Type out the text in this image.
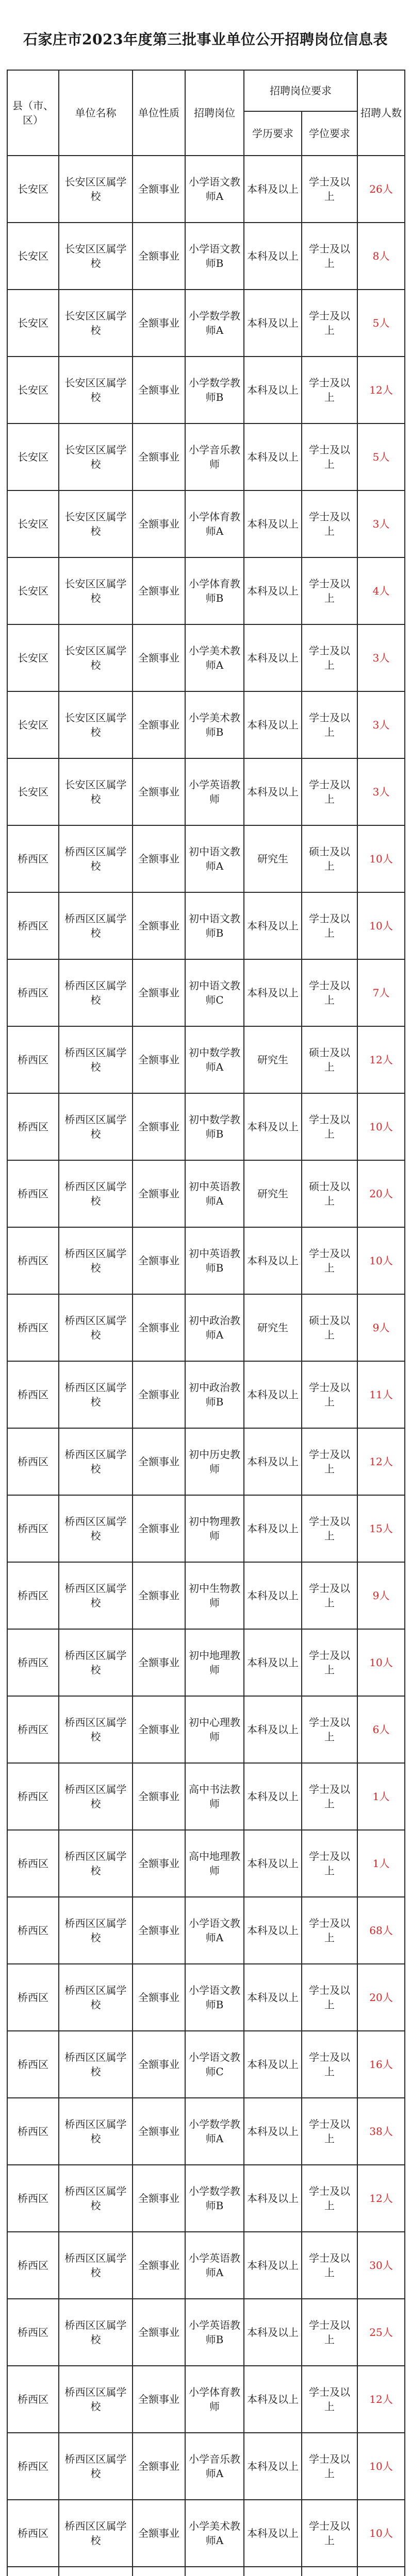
石家庄市2023年度第三批事业单位公开招聘岗位信息表
县（市、区）	单位名称	单位性质	招聘岗位	招聘岗位要求		招聘人数
				学历要求	学位要求	
长安区	长安区区属学校	全额事业	小学语文教师A	本科及以上	学士及以上	26人
长安区	长安区区属学校	全额事业	小学语文教师B	本科及以上	学士及以上	8人
长安区	长安区区属学校	全额事业	小学数学教师A	本科及以上	学士及以上	5人
长安区	长安区区属学校	全额事业	小学数学教师B	本科及以上	学士及以上	12人
长安区	长安区区属学校	全额事业	小学音乐教师	本科及以上	学士及以上	5人
长安区	长安区区属学校	全额事业	小学体育教师A	本科及以上	学士及以上	3人
长安区	长安区区属学校	全额事业	小学体育教师B	本科及以上	学士及以上	4人
长安区	长安区区属学校	全额事业	小学美术教师A	本科及以上	学士及以上	3人
长安区	长安区区属学校	全额事业	小学美术教师B	本科及以上	学士及以上	3人
长安区	长安区区属学校	全额事业	小学英语教师	本科及以上	学士及以上	3人
桥西区	桥西区区属学校	全额事业	初中语文教师A	研究生	硕士及以上	10人
桥西区	桥西区区属学校	全额事业	初中语文教师B	本科及以上	学士及以上	10人
桥西区	桥西区区属学校	全额事业	初中语文教师C	本科及以上	学士及以上	7人
桥西区	桥西区区属学校	全额事业	初中数学教师A	研究生	硕士及以上	12人
桥西区	桥西区区属学校	全额事业	初中数学教师B	本科及以上	学士及以上	10人
桥西区	桥西区区属学校	全额事业	初中英语教师A	研究生	硕士及以上	20人
桥西区	桥西区区属学校	全额事业	初中英语教师B	本科及以上	学士及以上	10人
桥西区	桥西区区属学校	全额事业	初中政治教师A	研究生	硕士及以上	9人
桥西区	桥西区区属学校	全额事业	初中政治教师B	本科及以上	学士及以上	11人
桥西区	桥西区区属学校	全额事业	初中历史教师	本科及以上	学士及以上	12人
桥西区	桥西区区属学校	全额事业	初中物理教师	本科及以上	学士及以上	15人
桥西区	桥西区区属学校	全额事业	初中生物教师	本科及以上	学士及以上	9人
桥西区	桥西区区属学校	全额事业	初中地理教师	本科及以上	学士及以上	10人
桥西区	桥西区区属学校	全额事业	初中心理教师	本科及以上	学士及以上	6人
桥西区	桥西区区属学校	全额事业	高中书法教师	本科及以上	学士及以上	1人
桥西区	桥西区区属学校	全额事业	高中地理教师	本科及以上	学士及以上	1人
桥西区	桥西区区属学校	全额事业	小学语文教师A	本科及以上	学士及以上	68人
桥西区	桥西区区属学校	全额事业	小学语文教师B	本科及以上	学士及以上	20人
桥西区	桥西区区属学校	全额事业	小学语文教师C	本科及以上	学士及以上	16人
桥西区	桥西区区属学校	全额事业	小学数学教师A	本科及以上	学士及以上	38人
桥西区	桥西区区属学校	全额事业	小学数学教师B	本科及以上	学士及以上	12人
桥西区	桥西区区属学校	全额事业	小学英语教师A	本科及以上	学士及以上	30人
桥西区	桥西区区属学校	全额事业	小学英语教师B	本科及以上	学士及以上	25人
桥西区	桥西区区属学校	全额事业	小学体育教师	本科及以上	学士及以上	12人
桥西区	桥西区区属学校	全额事业	小学音乐教师A	本科及以上	学士及以上	10人
桥西区	桥西区区属学校	全额事业	小学美术教师A	本科及以上	学士及以上	10人
